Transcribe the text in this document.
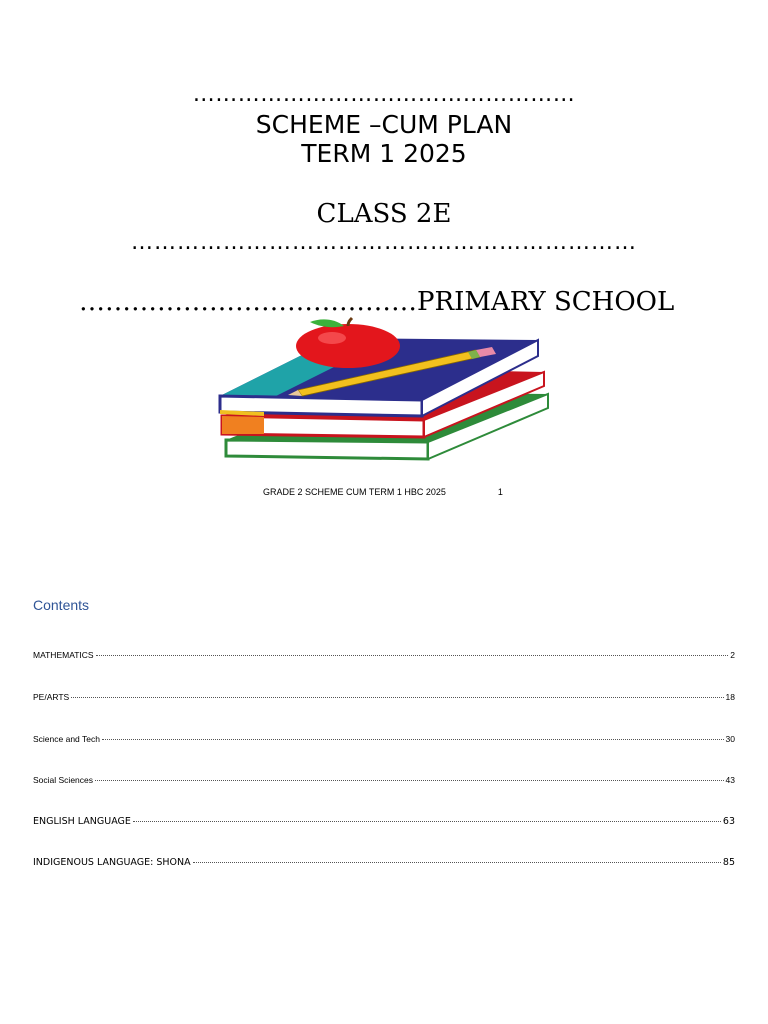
……………………………………………
SCHEME –CUM PLAN
TERM 1 2025
CLASS 2E
…………………………………………………………
…………………………………PRIMARY SCHOOL
GRADE 2 SCHEME CUM TERM 1 HBC 2025	1
Contents
MATHEMATICS	2
PE/ARTS	18
Science and Tech	30
Social Sciences	43
ENGLISH LANGUAGE	63
INDIGENOUS LANGUAGE: SHONA	85
